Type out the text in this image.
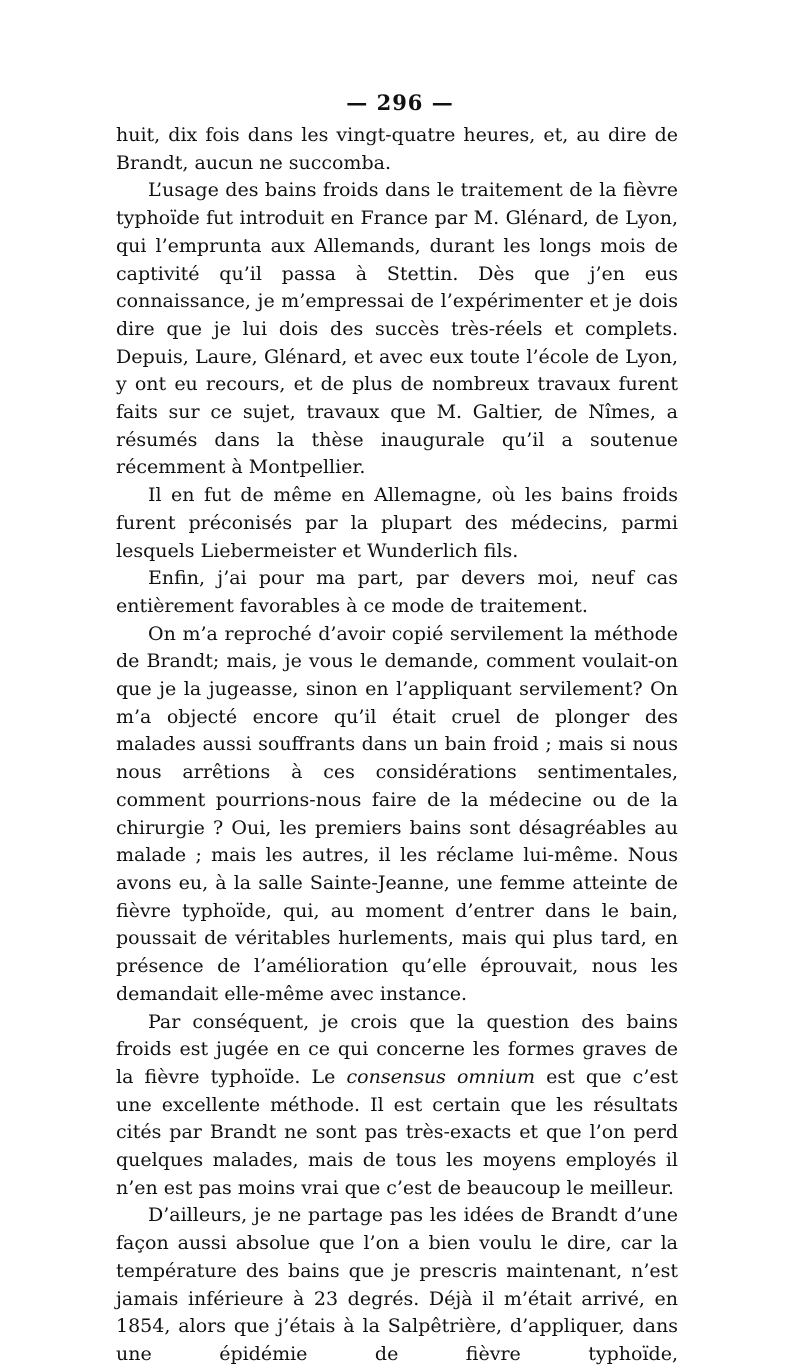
— 296 —

huit, dix fois dans les vingt-quatre heures, et, au dire de Brandt, aucun ne succomba.

L’usage des bains froids dans le traitement de la fièvre typhoïde fut introduit en France par M. Glénard, de Lyon, qui l’emprunta aux Allemands, durant les longs mois de captivité qu’il passa à Stettin. Dès que j’en eus connaissance, je m’empressai de l’expérimenter et je dois dire que je lui dois des succès très-réels et complets. Depuis, Laure, Glénard, et avec eux toute l’école de Lyon, y ont eu recours, et de plus de nombreux travaux furent faits sur ce sujet, travaux que M. Galtier, de Nîmes, a résumés dans la thèse inaugurale qu’il a soutenue récemment à Montpellier.

Il en fut de même en Allemagne, où les bains froids furent préconisés par la plupart des médecins, parmi lesquels Liebermeister et Wunderlich fils.

Enfin, j’ai pour ma part, par devers moi, neuf cas entièrement favorables à ce mode de traitement.

On m’a reproché d’avoir copié servilement la méthode de Brandt; mais, je vous le demande, comment voulait-on que je la jugeasse, sinon en l’appliquant servilement? On m’a objecté encore qu’il était cruel de plonger des malades aussi souffrants dans un bain froid ; mais si nous nous arrêtions à ces considérations sentimentales, comment pourrions-nous faire de la médecine ou de la chirurgie ? Oui, les premiers bains sont désagréables au malade ; mais les autres, il les réclame lui-même. Nous avons eu, à la salle Sainte-Jeanne, une femme atteinte de fièvre typhoïde, qui, au moment d’entrer dans le bain, poussait de véritables hurlements, mais qui plus tard, en présence de l’amélioration qu’elle éprouvait, nous les demandait elle-même avec instance.

Par conséquent, je crois que la question des bains froids est jugée en ce qui concerne les formes graves de la fièvre typhoïde. Le consensus omnium est que c’est une excellente méthode. Il est certain que les résultats cités par Brandt ne sont pas très-exacts et que l’on perd quelques malades, mais de tous les moyens employés il n’en est pas moins vrai que c’est de beaucoup le meilleur.

D’ailleurs, je ne partage pas les idées de Brandt d’une façon aussi absolue que l’on a bien voulu le dire, car la température des bains que je prescris maintenant, n’est jamais inférieure à 23 degrés. Déjà il m’était arrivé, en 1854, alors que j’étais à la Salpêtrière, d’appliquer, dans une épidémie de fièvre typhoïde,
